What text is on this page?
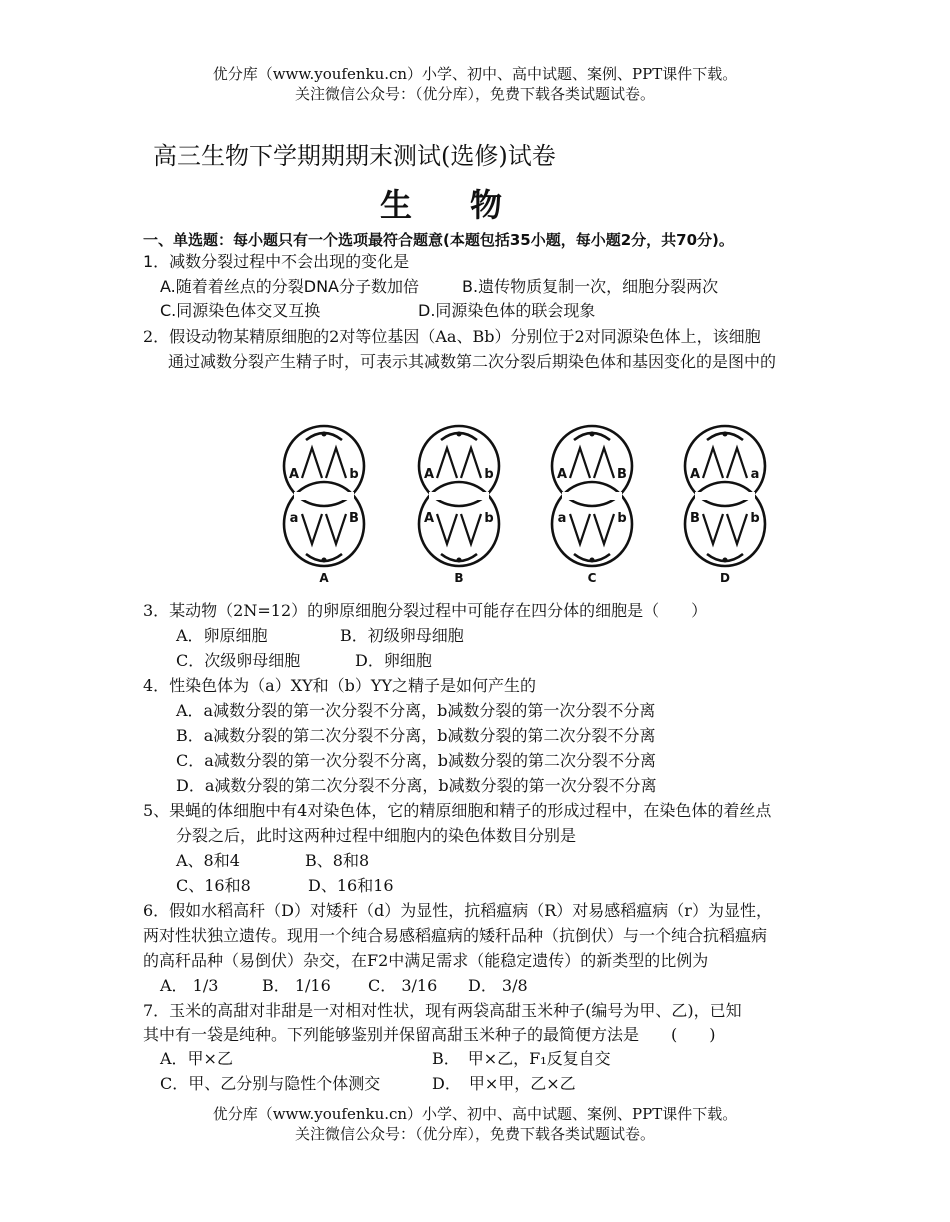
优分库（www.youfenku.cn）小学、初中、高中试题、案例、PPT课件下载。
关注微信公众号：（优分库），免费下载各类试题试卷。
高三生物下学期期期末测试(选修)试卷
生物
一、单选题：每小题只有一个选项最符合题意(本题包括35小题，每小题2分，共70分)。
1．减数分裂过程中不会出现的变化是
A.随着着丝点的分裂DNA分子数加倍	B.遗传物质复制一次，细胞分裂两次
C.同源染色体交叉互换	D.同源染色体的联会现象
2．假设动物某精原细胞的2对等位基因（Aa、Bb）分别位于2对同源染色体上，该细胞
通过减数分裂产生精子时，可表示其减数第二次分裂后期染色体和基因变化的是图中的
A	b
a	B
A
A	b
A	b
B
A	B
a	b
C
A	a
B	b
D
3．某动物（2N=12）的卵原细胞分裂过程中可能存在四分体的细胞是（　　）
A．卵原细胞	B．初级卵母细胞
C．次级卵母细胞	D．卵细胞
4．性染色体为（a）XY和（b）YY之精子是如何产生的
A．a减数分裂的第一次分裂不分离，b减数分裂的第一次分裂不分离
B．a减数分裂的第二次分裂不分离，b减数分裂的第二次分裂不分离
C．a减数分裂的第一次分裂不分离，b减数分裂的第二次分裂不分离
D．a减数分裂的第二次分裂不分离，b减数分裂的第一次分裂不分离
5、果蝇的体细胞中有4对染色体，它的精原细胞和精子的形成过程中，在染色体的着丝点
分裂之后，此时这两种过程中细胞内的染色体数目分别是
A、8和4	B、8和8
C、16和8	D、16和16
6．假如水稻高秆（D）对矮秆（d）为显性，抗稻瘟病（R）对易感稻瘟病（r）为显性，
两对性状独立遗传。现用一个纯合易感稻瘟病的矮秆品种（抗倒伏）与一个纯合抗稻瘟病
的高秆品种（易倒伏）杂交，在F2中满足需求（能稳定遗传）的新类型的比例为
A． 1/3	B． 1/16 C． 3/16 D． 3/8
7．玉米的高甜对非甜是一对相对性状，现有两袋高甜玉米种子(编号为甲、乙)，已知
其中有一袋是纯种。下列能够鉴别并保留高甜玉米种子的最简便方法是　　(　　)
A．甲×乙	B．　甲×乙，F₁反复自交
C．甲、乙分别与隐性个体测交	D．　甲×甲，乙×乙
优分库（www.youfenku.cn）小学、初中、高中试题、案例、PPT课件下载。
关注微信公众号：（优分库），免费下载各类试题试卷。
